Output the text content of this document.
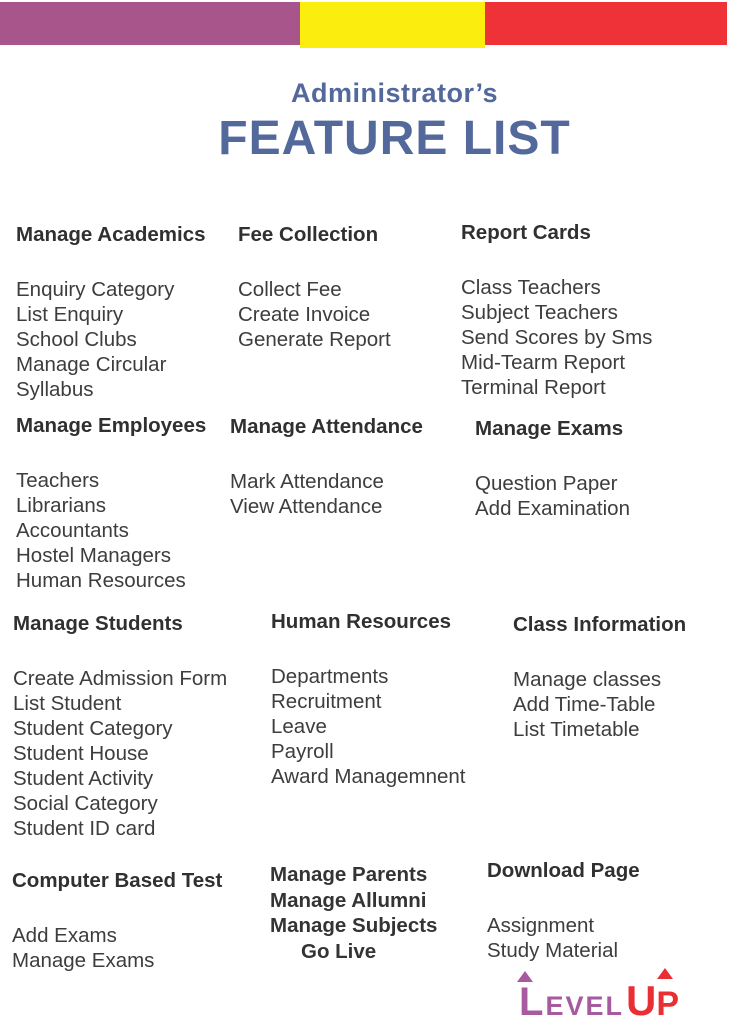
Administrator’s
FEATURE LIST
Manage Academics
Enquiry Category
List Enquiry
School Clubs
Manage Circular
Syllabus
Fee Collection
Collect Fee
Create Invoice
Generate Report
Report Cards
Class Teachers
Subject Teachers
Send Scores by Sms
Mid-Tearm Report
Terminal Report
Manage Employees
Teachers
Librarians
Accountants
Hostel Managers
Human Resources
Manage Attendance
Mark Attendance
View Attendance
Manage Exams
Question Paper
Add Examination
Manage Students
Create Admission Form
List Student
Student Category
Student House
Student Activity
Social Category
Student ID card
Human Resources
Departments
Recruitment
Leave
Payroll
Award Managemnent
Class Information
Manage classes
Add Time-Table
List Timetable
Computer Based Test
Add Exams
Manage Exams
Manage Parents
Manage Allumni
Manage Subjects
Go Live
Download Page
Assignment
Study Material
LEVEL UP
